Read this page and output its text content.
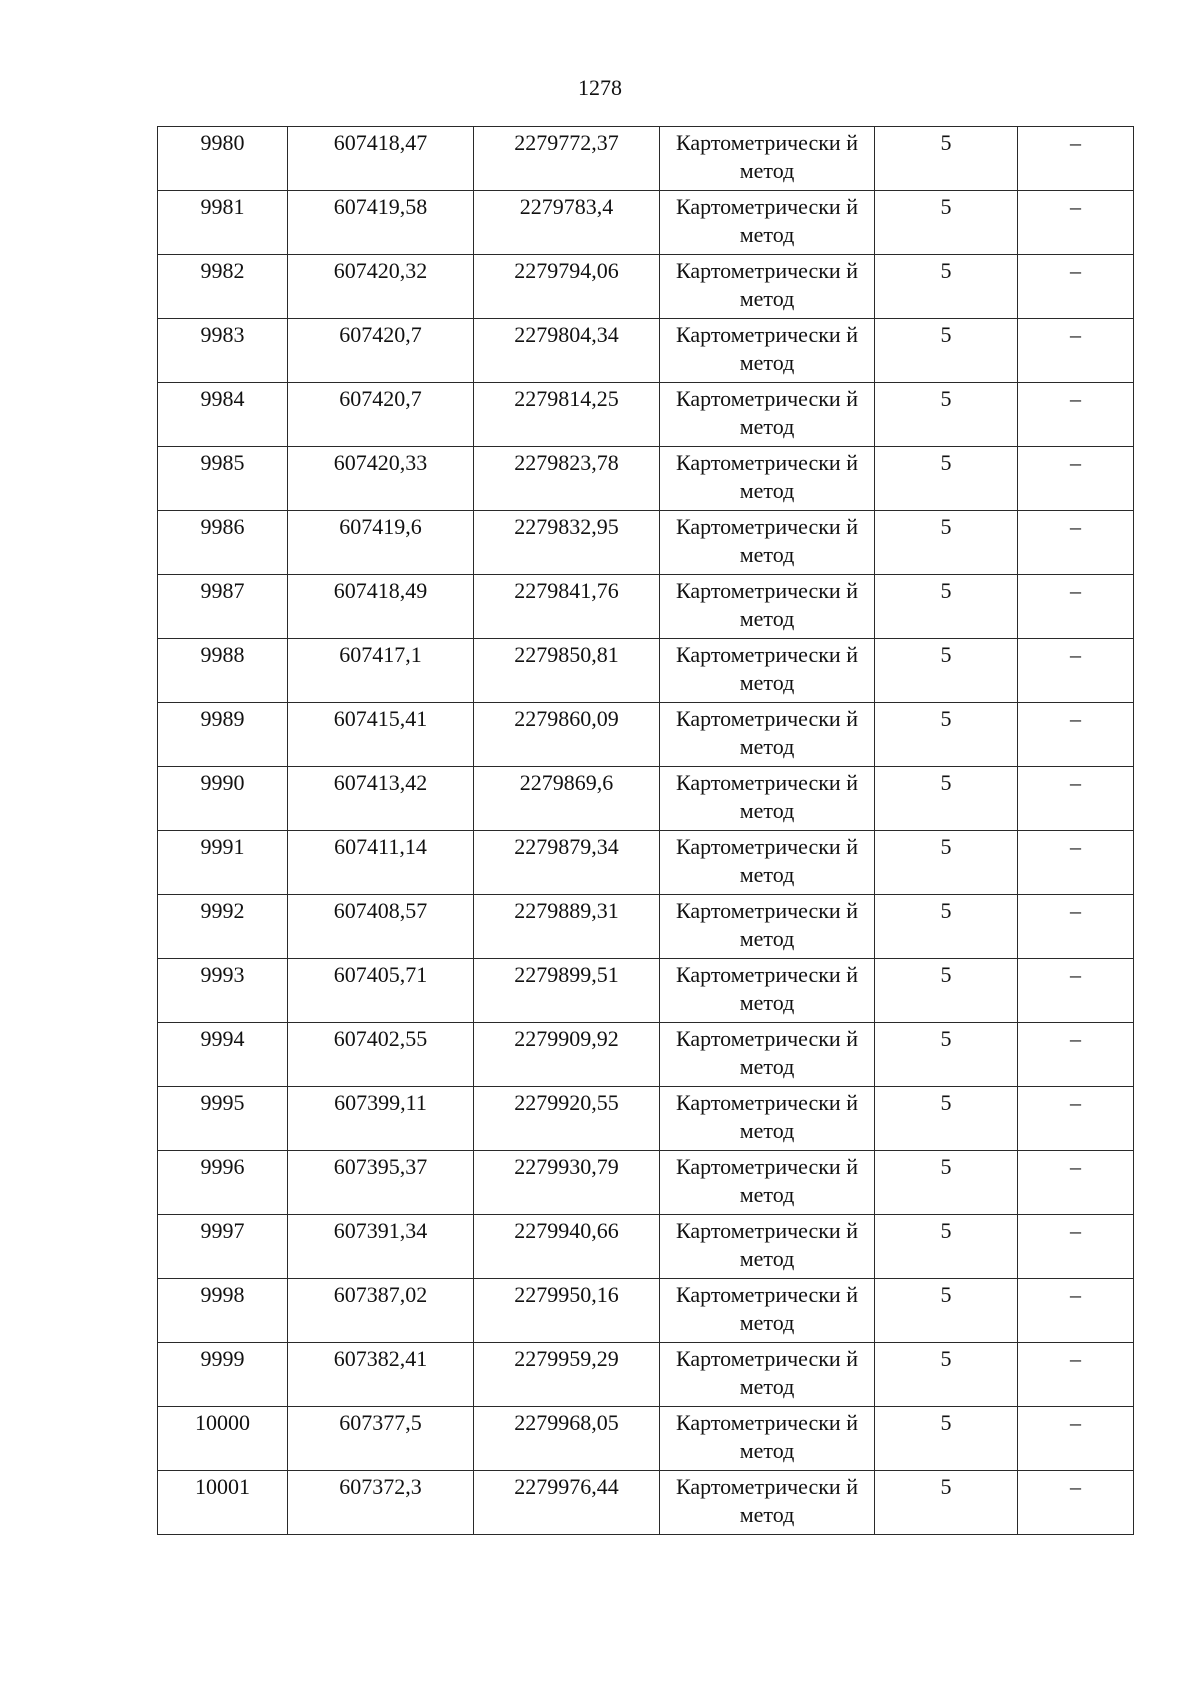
1278
9980	607418,47	2279772,37	Картометрически й метод	5	–

9981	607419,58	2279783,4	Картометрически й метод	5	–

9982	607420,32	2279794,06	Картометрически й метод	5	–

9983	607420,7	2279804,34	Картометрически й метод	5	–

9984	607420,7	2279814,25	Картометрически й метод	5	–

9985	607420,33	2279823,78	Картометрически й метод	5	–

9986	607419,6	2279832,95	Картометрически й метод	5	–

9987	607418,49	2279841,76	Картометрически й метод	5	–

9988	607417,1	2279850,81	Картометрически й метод	5	–

9989	607415,41	2279860,09	Картометрически й метод	5	–

9990	607413,42	2279869,6	Картометрически й метод	5	–

9991	607411,14	2279879,34	Картометрически й метод	5	–

9992	607408,57	2279889,31	Картометрически й метод	5	–

9993	607405,71	2279899,51	Картометрически й метод	5	–

9994	607402,55	2279909,92	Картометрически й метод	5	–

9995	607399,11	2279920,55	Картометрически й метод	5	–

9996	607395,37	2279930,79	Картометрически й метод	5	–

9997	607391,34	2279940,66	Картометрически й метод	5	–

9998	607387,02	2279950,16	Картометрически й метод	5	–

9999	607382,41	2279959,29	Картометрически й метод	5	–

10000	607377,5	2279968,05	Картометрически й метод	5	–

10001	607372,3	2279976,44	Картометрически й метод	5	–
